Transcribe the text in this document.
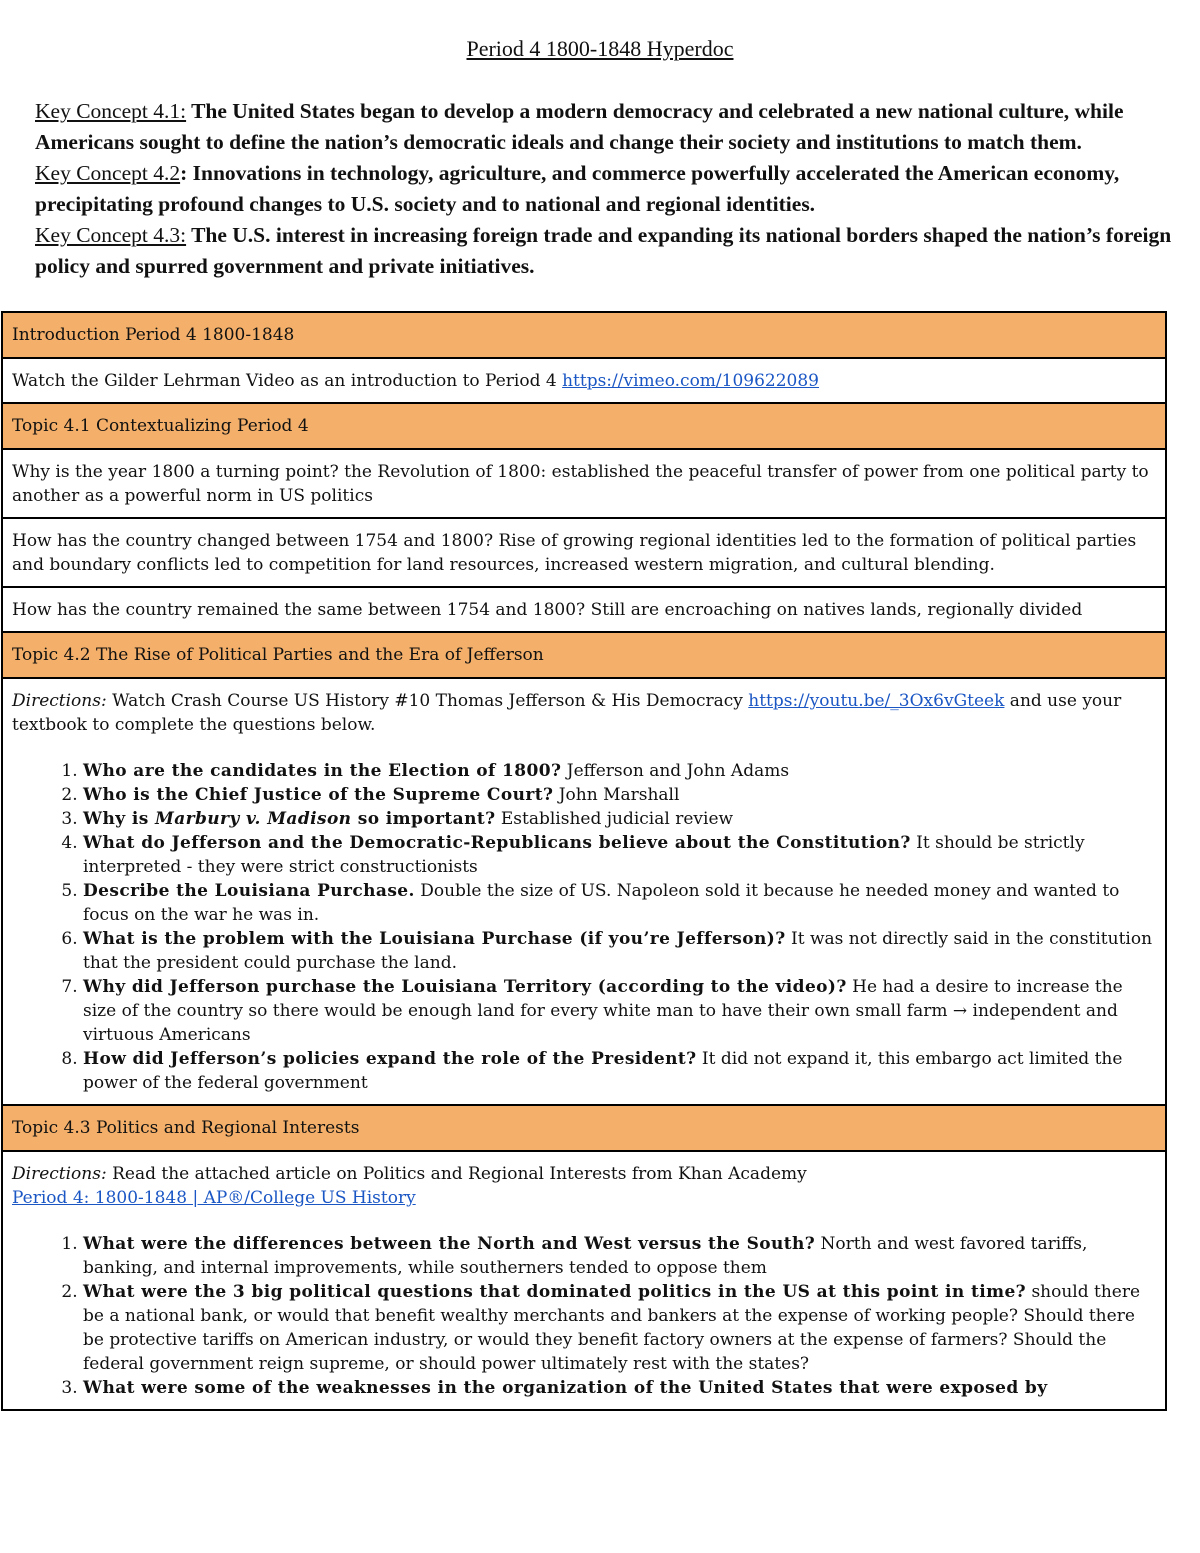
Period 4 1800-1848 Hyperdoc
Key Concept 4.1: The United States began to develop a modern democracy and celebrated a new national culture, while Americans sought to define the nation’s democratic ideals and change their society and institutions to match them.
Key Concept 4.2: Innovations in technology, agriculture, and commerce powerfully accelerated the American economy, precipitating profound changes to U.S. society and to national and regional identities.
Key Concept 4.3: The U.S. interest in increasing foreign trade and expanding its national borders shaped the nation’s foreign policy and spurred government and private initiatives.
Introduction Period 4 1800-1848
Watch the Gilder Lehrman Video as an introduction to Period 4 https://vimeo.com/109622089
Topic 4.1 Contextualizing Period 4
Why is the year 1800 a turning point? the Revolution of 1800: established the peaceful transfer of power from one political party to another as a powerful norm in US politics
How has the country changed between 1754 and 1800? Rise of growing regional identities led to the formation of political parties and boundary conflicts led to competition for land resources, increased western migration, and cultural blending.
How has the country remained the same between 1754 and 1800? Still are encroaching on natives lands, regionally divided
Topic 4.2 The Rise of Political Parties and the Era of Jefferson

Directions: Watch Crash Course US History #10 Thomas Jefferson & His Democracy https://youtu.be/_3Ox6vGteek and use your textbook to complete the questions below.
1. Who are the candidates in the Election of 1800? Jefferson and John Adams
2. Who is the Chief Justice of the Supreme Court? John Marshall
3. Why is Marbury v. Madison so important? Established judicial review
4. What do Jefferson and the Democratic-Republicans believe about the Constitution? It should be strictly interpreted - they were strict constructionists
5. Describe the Louisiana Purchase. Double the size of US. Napoleon sold it because he needed money and wanted to focus on the war he was in.
6. What is the problem with the Louisiana Purchase (if you’re Jefferson)? It was not directly said in the constitution that the president could purchase the land.
7. Why did Jefferson purchase the Louisiana Territory (according to the video)? He had a desire to increase the size of the country so there would be enough land for every white man to have their own small farm → independent and virtuous Americans
8. How did Jefferson’s policies expand the role of the President? It did not expand it, this embargo act limited the power of the federal government

Topic 4.3 Politics and Regional Interests

Directions: Read the attached article on Politics and Regional Interests from Khan Academy
Period 4: 1800-1848 | AP®︎/College US History
1. What were the differences between the North and West versus the South? North and west favored tariffs, banking, and internal improvements, while southerners tended to oppose them
2. What were the 3 big political questions that dominated politics in the US at this point in time? should there be a national bank, or would that benefit wealthy merchants and bankers at the expense of working people? Should there be protective tariffs on American industry, or would they benefit factory owners at the expense of farmers? Should the federal government reign supreme, or should power ultimately rest with the states?
3. What were some of the weaknesses in the organization of the United States that were exposed by
